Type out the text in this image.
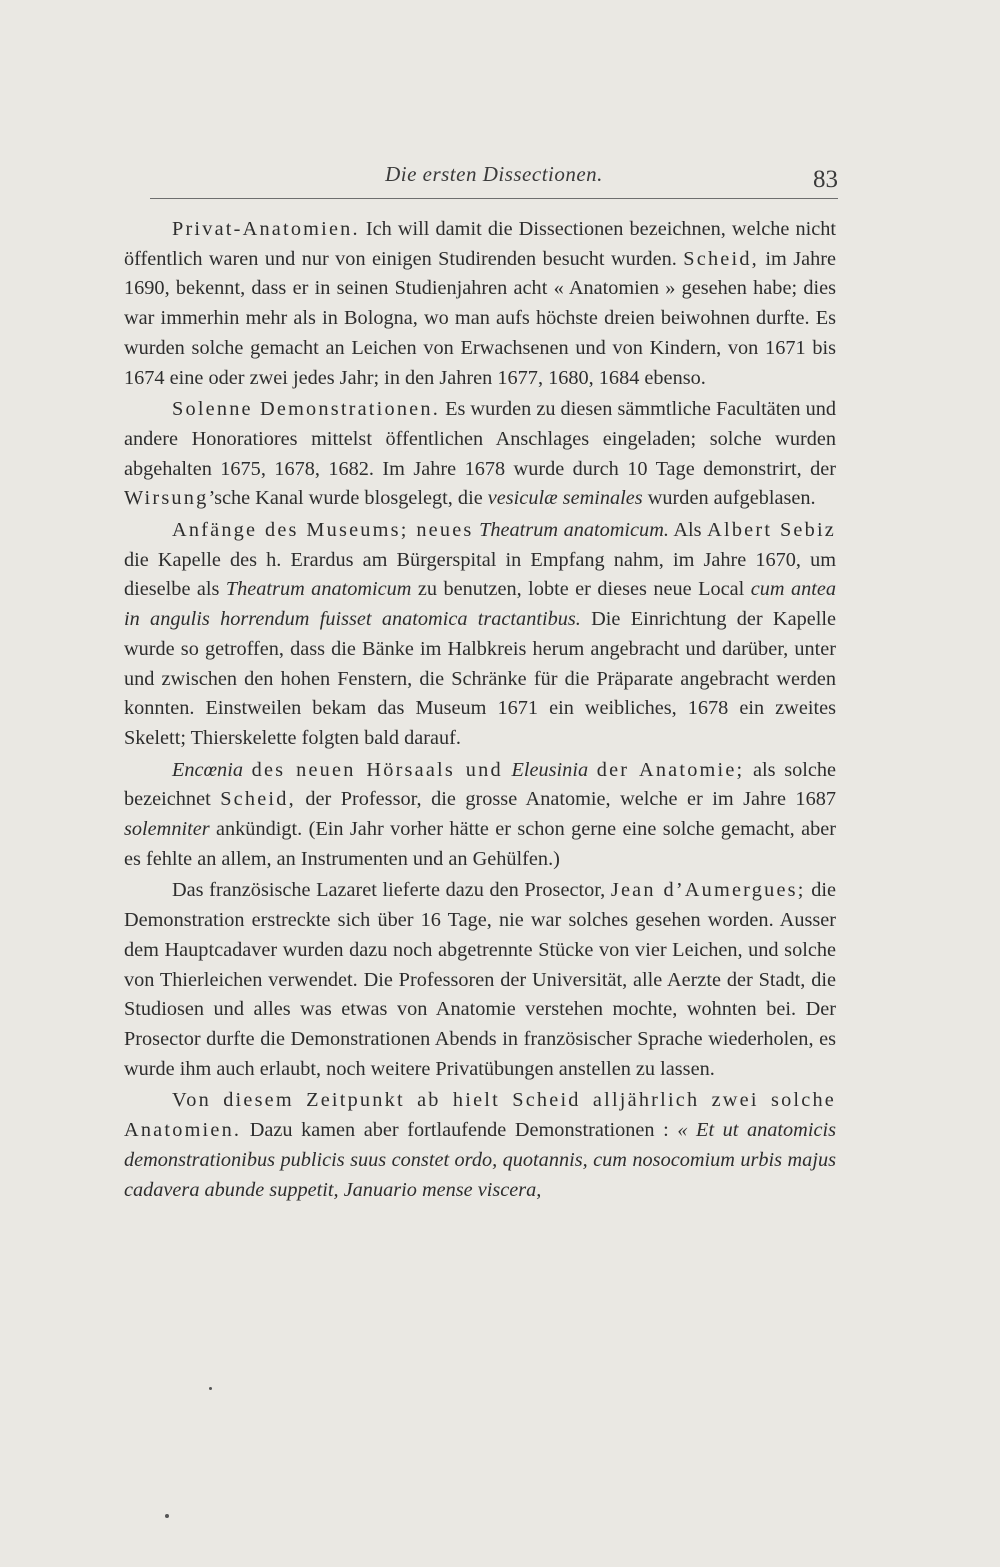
Die ersten Dissectionen.	83

Privat-Anatomien. Ich will damit die Dissectionen bezeichnen, welche nicht öffentlich waren und nur von einigen Studirenden besucht wurden. Scheid, im Jahre 1690, bekennt, dass er in seinen Studienjahren acht « Anatomien » gesehen habe; dies war immerhin mehr als in Bologna, wo man aufs höchste dreien beiwohnen durfte. Es wurden solche gemacht an Leichen von Erwachsenen und von Kindern, von 1671 bis 1674 eine oder zwei jedes Jahr; in den Jahren 1677, 1680, 1684 ebenso.

Solenne Demonstrationen. Es wurden zu diesen sämmtliche Facultäten und andere Honoratiores mittelst öffentlichen Anschlages eingeladen; solche wurden abgehalten 1675, 1678, 1682. Im Jahre 1678 wurde durch 10 Tage demonstrirt, der Wirsung’sche Kanal wurde blosgelegt, die vesiculæ seminales wurden aufgeblasen.

Anfänge des Museums; neues Theatrum anatomicum. Als Albert Sebiz die Kapelle des h. Erardus am Bürgerspital in Empfang nahm, im Jahre 1670, um dieselbe als Theatrum anatomicum zu benutzen, lobte er dieses neue Local cum antea in angulis horrendum fuisset anatomica tractantibus. Die Einrichtung der Kapelle wurde so getroffen, dass die Bänke im Halbkreis herum angebracht und darüber, unter und zwischen den hohen Fenstern, die Schränke für die Präparate angebracht werden konnten. Einstweilen bekam das Museum 1671 ein weibliches, 1678 ein zweites Skelett; Thierskelette folgten bald darauf.

Encœnia des neuen Hörsaals und Eleusinia der Anatomie; als solche bezeichnet Scheid, der Professor, die grosse Anatomie, welche er im Jahre 1687 solemniter ankündigt. (Ein Jahr vorher hätte er schon gerne eine solche gemacht, aber es fehlte an allem, an Instrumenten und an Gehülfen.)

Das französische Lazaret lieferte dazu den Prosector, Jean d’Aumergues; die Demonstration erstreckte sich über 16 Tage, nie war solches gesehen worden. Ausser dem Hauptcadaver wurden dazu noch abgetrennte Stücke von vier Leichen, und solche von Thierleichen verwendet. Die Professoren der Universität, alle Aerzte der Stadt, die Studiosen und alles was etwas von Anatomie verstehen mochte, wohnten bei. Der Prosector durfte die Demonstrationen Abends in französischer Sprache wiederholen, es wurde ihm auch erlaubt, noch weitere Privatübungen anstellen zu lassen.

Von diesem Zeitpunkt ab hielt Scheid alljährlich zwei solche Anatomien. Dazu kamen aber fortlaufende Demonstrationen : « Et ut anatomicis demonstrationibus publicis suus constet ordo, quotannis, cum nosocomium urbis majus cadavera abunde suppetit, Januario mense viscera,
